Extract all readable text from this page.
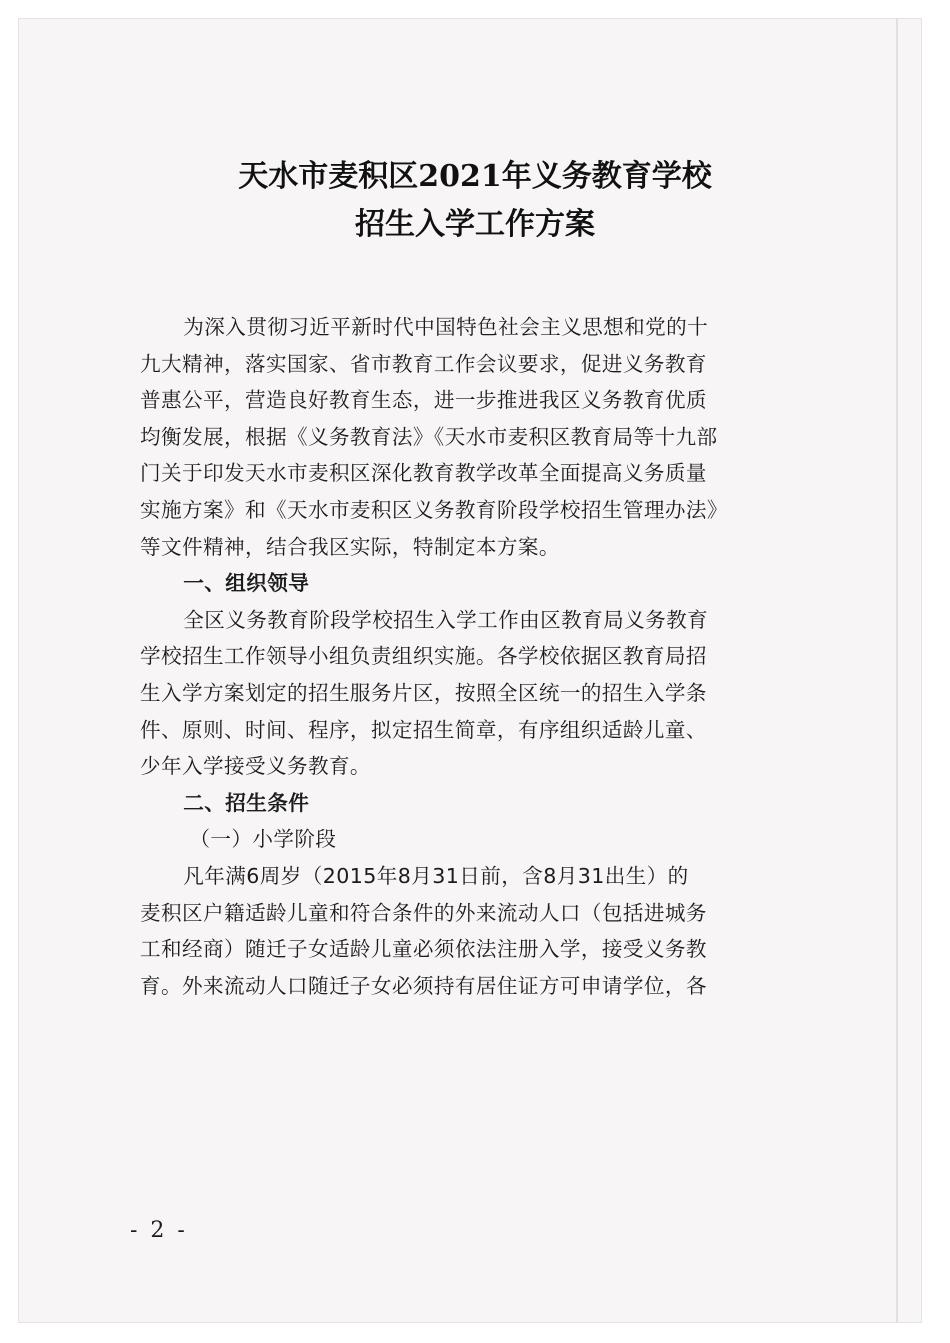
天水市麦积区2021年义务教育学校
招生入学工作方案
为深入贯彻习近平新时代中国特色社会主义思想和党的十
九大精神，落实国家、省市教育工作会议要求，促进义务教育
普惠公平，营造良好教育生态，进一步推进我区义务教育优质
均衡发展，根据《义务教育法》《天水市麦积区教育局等十九部
门关于印发天水市麦积区深化教育教学改革全面提高义务质量
实施方案》和《天水市麦积区义务教育阶段学校招生管理办法》
等文件精神，结合我区实际，特制定本方案。

一、组织领导

全区义务教育阶段学校招生入学工作由区教育局义务教育
学校招生工作领导小组负责组织实施。各学校依据区教育局招
生入学方案划定的招生服务片区，按照全区统一的招生入学条
件、原则、时间、程序，拟定招生简章，有序组织适龄儿童、
少年入学接受义务教育。

二、招生条件

（一）小学阶段

凡年满6周岁（2015年8月31日前，含8月31出生）的
麦积区户籍适龄儿童和符合条件的外来流动人口（包括进城务
工和经商）随迁子女适龄儿童必须依法注册入学，接受义务教
育。外来流动人口随迁子女必须持有居住证方可申请学位，各
- 2 -
